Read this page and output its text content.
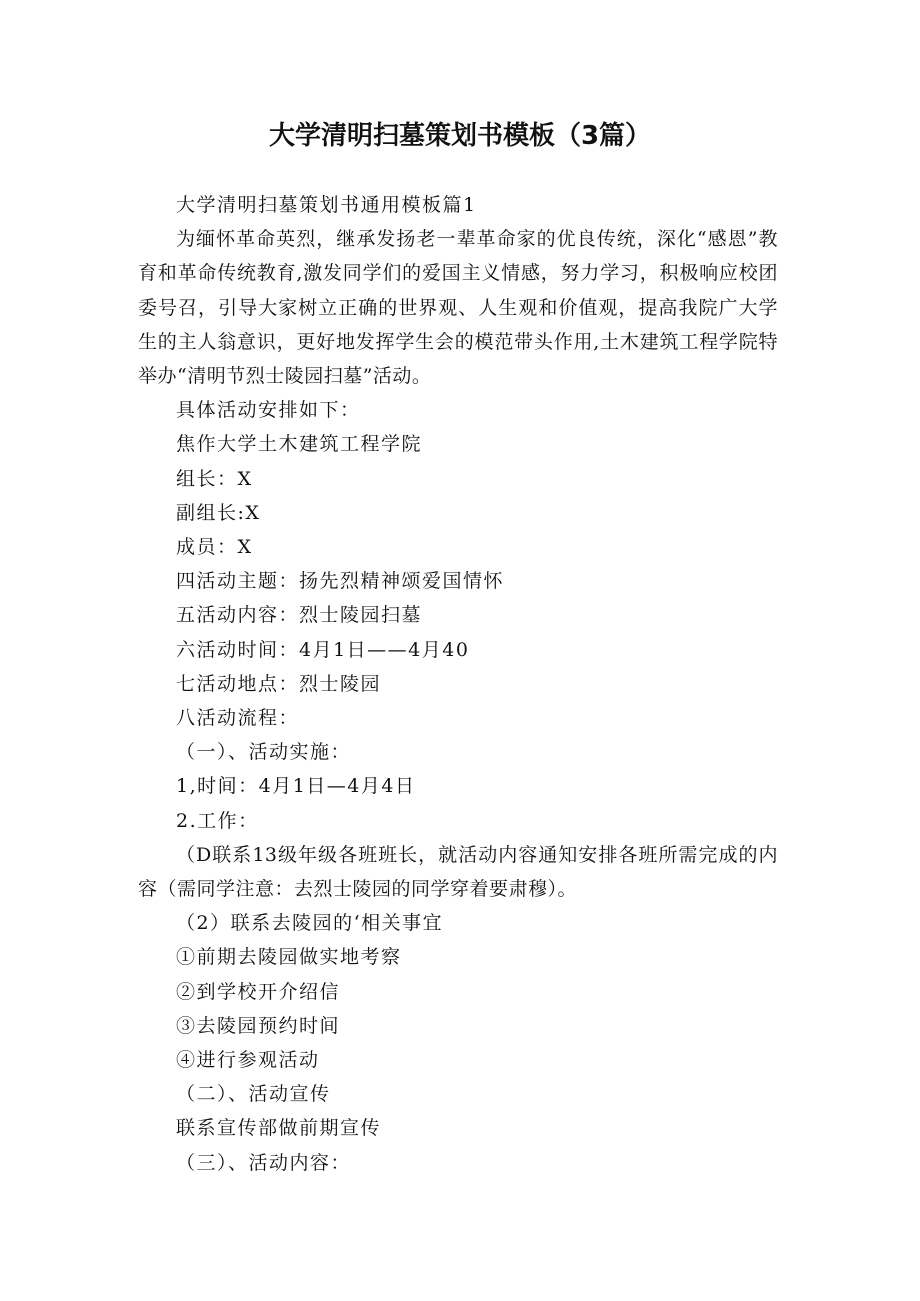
大学清明扫墓策划书模板（3篇）

大学清明扫墓策划书通用模板篇1

为缅怀革命英烈，继承发扬老一辈革命家的优良传统，深化“感恩”教育和革命传统教育,激发同学们的爱国主义情感，努力学习，积极响应校团委号召，引导大家树立正确的世界观、人生观和价值观，提高我院广大学生的主人翁意识，更好地发挥学生会的模范带头作用,土木建筑工程学院特举办“清明节烈士陵园扫墓”活动。

具体活动安排如下：

焦作大学土木建筑工程学院

组长：X

副组长:X

成员：X

四活动主题：扬先烈精神颂爱国情怀

五活动内容：烈士陵园扫墓

六活动时间：4月1日——4月40

七活动地点：烈士陵园

八活动流程：

（一）、活动实施：

1,时间：4月1日—4月4日

2.工作：

（D联系13级年级各班班长，就活动内容通知安排各班所需完成的内容（需同学注意：去烈士陵园的同学穿着要肃穆）。

（2）联系去陵园的‘相关事宜

①前期去陵园做实地考察

②到学校开介绍信

③去陵园预约时间

④进行参观活动

（二）、活动宣传

联系宣传部做前期宣传

（三）、活动内容：
